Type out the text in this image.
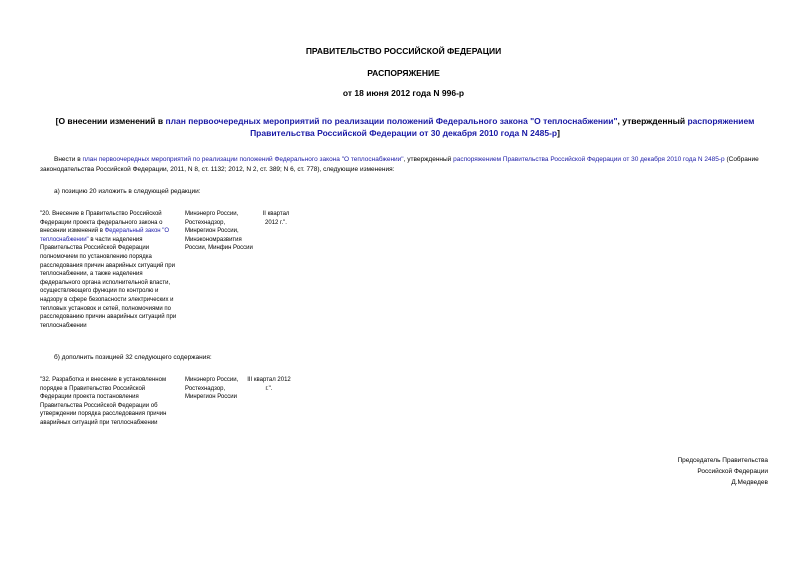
ПРАВИТЕЛЬСТВО РОССИЙСКОЙ ФЕДЕРАЦИИ
РАСПОРЯЖЕНИЕ
от 18 июня 2012 года N 996-р
[О внесении изменений в план первоочередных мероприятий по реализации положений Федерального закона "О теплоснабжении", утвержденный распоряжением Правительства Российской Федерации от 30 декабря 2010 года N 2485-р]
Внести в план первоочередных мероприятий по реализации положений Федерального закона "О теплоснабжении", утвержденный распоряжением Правительства Российской Федерации от 30 декабря 2010 года N 2485-р (Собрание законодательства Российской Федерации, 2011, N 8, ст. 1132; 2012, N 2, ст. 389; N 6, ст. 778), следующие изменения:
а) позицию 20 изложить в следующей редакции:
"20. Внесение в Правительство Российской Федерации проекта федерального закона о внесении изменений в Федеральный закон "О теплоснабжении" в части наделения Правительства Российской Федерации полномочием по установлению порядка расследования причин аварийных ситуаций при теплоснабжении, а также наделения федерального органа исполнительной власти, осуществляющего функции по контролю и надзору в сфере безопасности электрических и тепловых установок и сетей, полномочиями по расследованию причин аварийных ситуаций при теплоснабжении
Минэнерго России, Ростехнадзор, Минрегион России, Минэкономразвития России, Минфин России
II квартал 2012 г.".
б) дополнить позицией 32 следующего содержания:
"32. Разработка и внесение в установленном порядке в Правительство Российской Федерации проекта постановления Правительства Российской Федерации об утверждении порядка расследования причин аварийных ситуаций при теплоснабжении
Минэнерго России, Ростехнадзор, Минрегион России
III квартал 2012 г.".
Председатель Правительства
Российской Федерации
Д.Медведев
